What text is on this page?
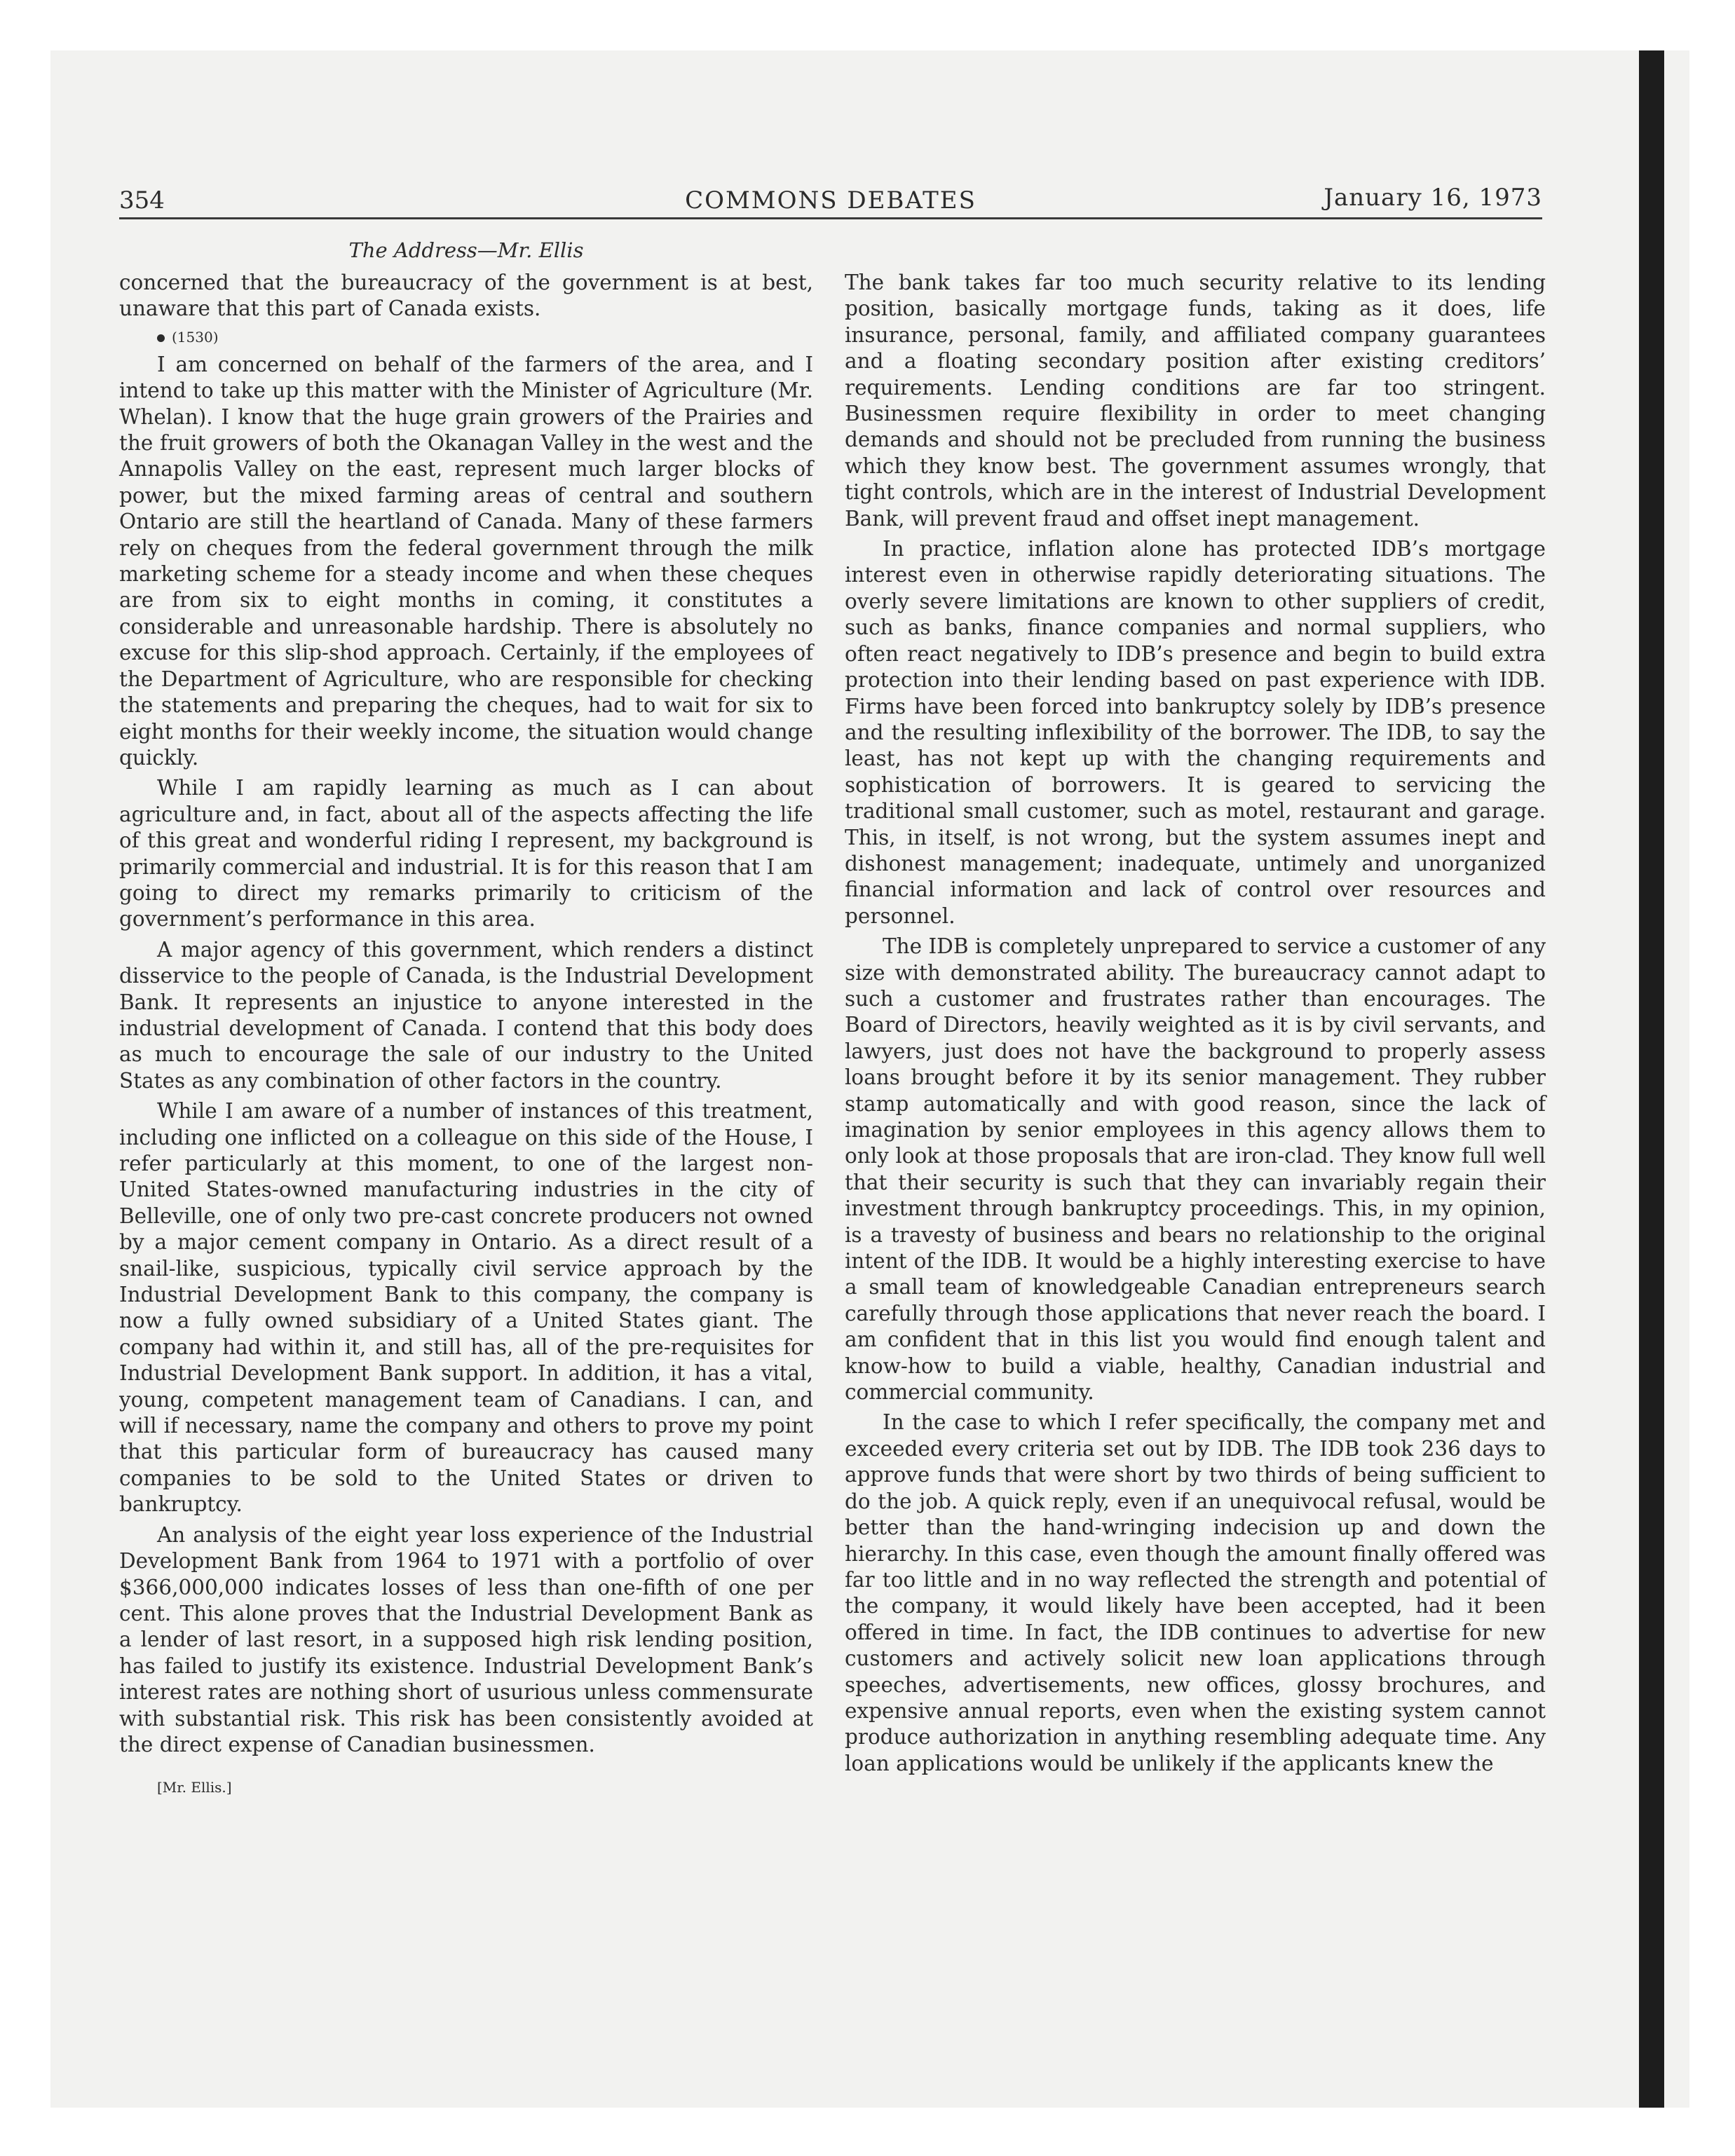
354	COMMONS DEBATES	January 16, 1973
The Address—Mr. Ellis

concerned that the bureaucracy of the government is at best, unaware that this part of Canada exists.

(1530)

I am concerned on behalf of the farmers of the area, and I intend to take up this matter with the Minister of Agriculture (Mr. Whelan). I know that the huge grain growers of the Prairies and the fruit growers of both the Okanagan Valley in the west and the Annapolis Valley on the east, represent much larger blocks of power, but the mixed farming areas of central and southern Ontario are still the heartland of Canada. Many of these farmers rely on cheques from the federal government through the milk marketing scheme for a steady income and when these cheques are from six to eight months in coming, it constitutes a considerable and unreasonable hardship. There is absolutely no excuse for this slip-shod approach. Certainly, if the employees of the Department of Agriculture, who are responsible for checking the statements and preparing the cheques, had to wait for six to eight months for their weekly income, the situation would change quickly.

While I am rapidly learning as much as I can about agriculture and, in fact, about all of the aspects affecting the life of this great and wonderful riding I represent, my background is primarily commercial and industrial. It is for this reason that I am going to direct my remarks primarily to criticism of the government’s performance in this area.

A major agency of this government, which renders a distinct disservice to the people of Canada, is the Industrial Development Bank. It represents an injustice to anyone interested in the industrial development of Canada. I contend that this body does as much to encourage the sale of our industry to the United States as any combination of other factors in the country.

While I am aware of a number of instances of this treatment, including one inflicted on a colleague on this side of the House, I refer particularly at this moment, to one of the largest non-United States-owned manufacturing industries in the city of Belleville, one of only two pre-cast concrete producers not owned by a major cement company in Ontario. As a direct result of a snail-like, suspicious, typically civil service approach by the Industrial Development Bank to this company, the company is now a fully owned subsidiary of a United States giant. The company had within it, and still has, all of the pre-requisites for Industrial Development Bank support. In addition, it has a vital, young, competent management team of Canadians. I can, and will if necessary, name the company and others to prove my point that this particular form of bureaucracy has caused many companies to be sold to the United States or driven to bankruptcy.

An analysis of the eight year loss experience of the Industrial Development Bank from 1964 to 1971 with a portfolio of over $366,000,000 indicates losses of less than one-fifth of one per cent. This alone proves that the Industrial Development Bank as a lender of last resort, in a supposed high risk lending position, has failed to justify its existence. Industrial Development Bank’s interest rates are nothing short of usurious unless commensurate with substantial risk. This risk has been consistently avoided at the direct expense of Canadian businessmen.

[Mr. Ellis.]

The bank takes far too much security relative to its lending position, basically mortgage funds, taking as it does, life insurance, personal, family, and affiliated company guarantees and a floating secondary position after existing creditors’ requirements. Lending conditions are far too stringent. Businessmen require flexibility in order to meet changing demands and should not be precluded from running the business which they know best. The government assumes wrongly, that tight controls, which are in the interest of Industrial Development Bank, will prevent fraud and offset inept management.

In practice, inflation alone has protected IDB’s mortgage interest even in otherwise rapidly deteriorating situations. The overly severe limitations are known to other suppliers of credit, such as banks, finance companies and normal suppliers, who often react negatively to IDB’s presence and begin to build extra protection into their lending based on past experience with IDB. Firms have been forced into bankruptcy solely by IDB’s presence and the resulting inflexibility of the borrower. The IDB, to say the least, has not kept up with the changing requirements and sophistication of borrowers. It is geared to servicing the traditional small customer, such as motel, restaurant and garage. This, in itself, is not wrong, but the system assumes inept and dishonest management; inadequate, untimely and unorganized financial information and lack of control over resources and personnel.

The IDB is completely unprepared to service a customer of any size with demonstrated ability. The bureaucracy cannot adapt to such a customer and frustrates rather than encourages. The Board of Directors, heavily weighted as it is by civil servants, and lawyers, just does not have the background to properly assess loans brought before it by its senior management. They rubber stamp automatically and with good reason, since the lack of imagination by senior employees in this agency allows them to only look at those proposals that are iron-clad. They know full well that their security is such that they can invariably regain their investment through bankruptcy proceedings. This, in my opinion, is a travesty of business and bears no relationship to the original intent of the IDB. It would be a highly interesting exercise to have a small team of knowledgeable Canadian entrepreneurs search carefully through those applications that never reach the board. I am confident that in this list you would find enough talent and know-how to build a viable, healthy, Canadian industrial and commercial community.

In the case to which I refer specifically, the company met and exceeded every criteria set out by IDB. The IDB took 236 days to approve funds that were short by two thirds of being sufficient to do the job. A quick reply, even if an unequivocal refusal, would be better than the hand-wringing indecision up and down the hierarchy. In this case, even though the amount finally offered was far too little and in no way reflected the strength and potential of the company, it would likely have been accepted, had it been offered in time. In fact, the IDB continues to advertise for new customers and actively solicit new loan applications through speeches, advertisements, new offices, glossy brochures, and expensive annual reports, even when the existing system cannot produce authorization in anything resembling adequate time. Any loan applications would be unlikely if the applicants knew the
